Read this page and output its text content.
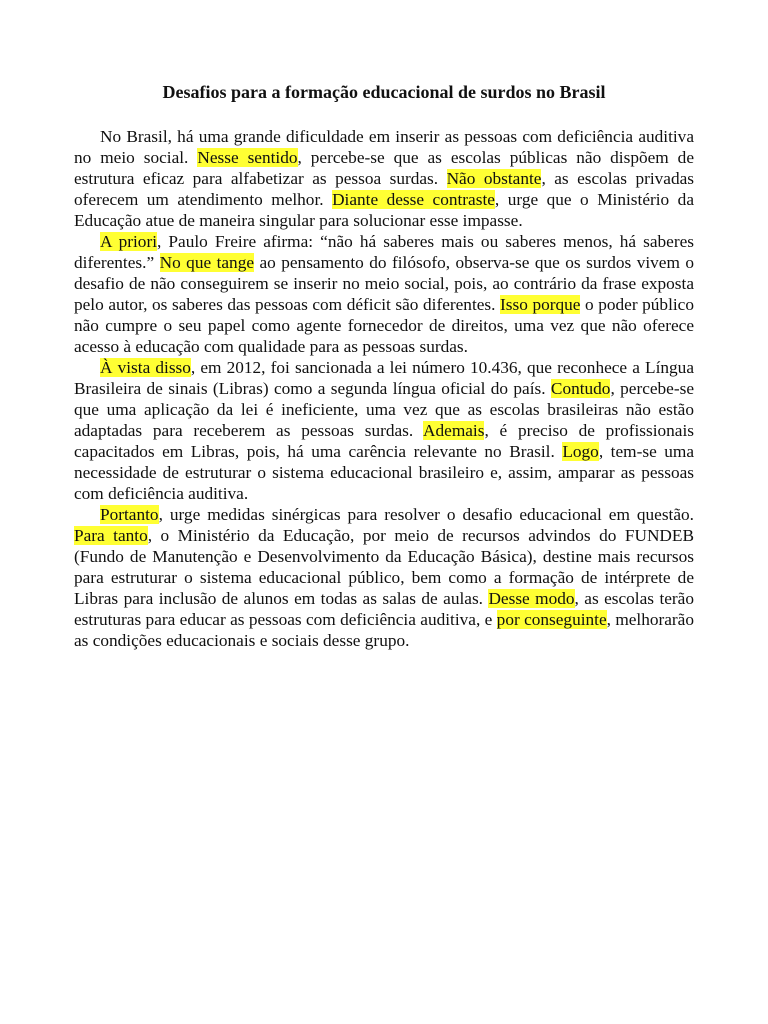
Desafios para a formação educacional de surdos no Brasil

No Brasil, há uma grande dificuldade em inserir as pessoas com deficiência auditiva no meio social. Nesse sentido, percebe-se que as escolas públicas não dispõem de estrutura eficaz para alfabetizar as pessoa surdas. Não obstante, as escolas privadas oferecem um atendimento melhor. Diante desse contraste, urge que o Ministério da Educação atue de maneira singular para solucionar esse impasse.

A priori, Paulo Freire afirma: “não há saberes mais ou saberes menos, há saberes diferentes.” No que tange ao pensamento do filósofo, observa-se que os surdos vivem o desafio de não conseguirem se inserir no meio social, pois, ao contrário da frase exposta pelo autor, os saberes das pessoas com déficit são diferentes. Isso porque o poder público não cumpre o seu papel como agente fornecedor de direitos, uma vez que não oferece acesso à educação com qualidade para as pessoas surdas.

À vista disso, em 2012, foi sancionada a lei número 10.436, que reconhece a Língua Brasileira de sinais (Libras) como a segunda língua oficial do país. Contudo, percebe-se que uma aplicação da lei é ineficiente, uma vez que as escolas brasileiras não estão adaptadas para receberem as pessoas surdas. Ademais, é preciso de profissionais capacitados em Libras, pois, há uma carência relevante no Brasil. Logo, tem-se uma necessidade de estruturar o sistema educacional brasileiro e, assim, amparar as pessoas com deficiência auditiva.

Portanto, urge medidas sinérgicas para resolver o desafio educacional em questão. Para tanto, o Ministério da Educação, por meio de recursos advindos do FUNDEB (Fundo de Manutenção e Desenvolvimento da Educação Básica), destine mais recursos para estruturar o sistema educacional público, bem como a formação de intérprete de Libras para inclusão de alunos em todas as salas de aulas. Desse modo, as escolas terão estruturas para educar as pessoas com deficiência auditiva, e por conseguinte, melhorarão as condições educacionais e sociais desse grupo.
